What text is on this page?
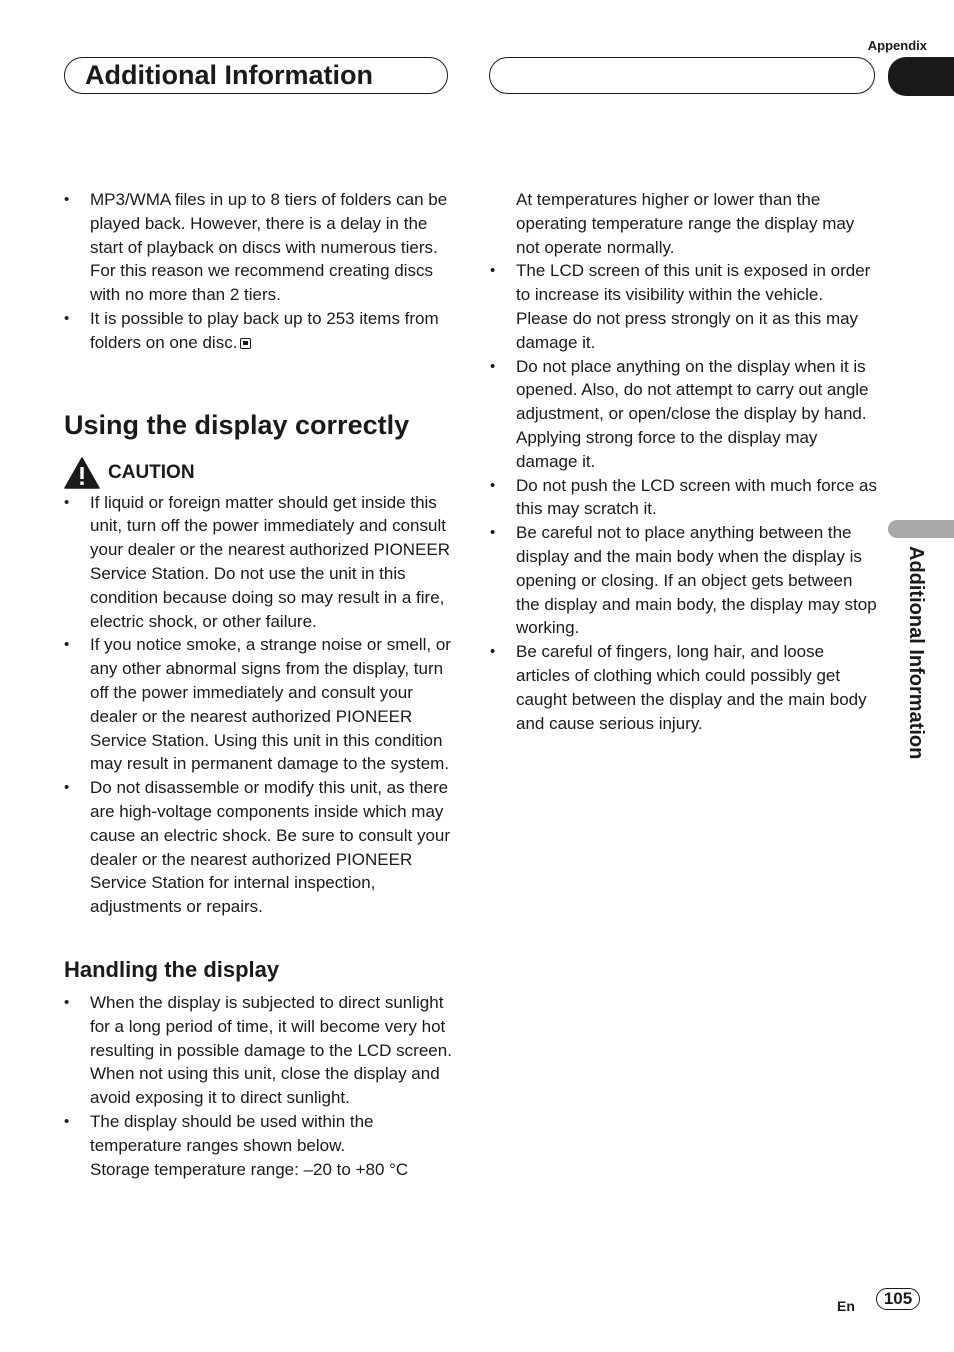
Appendix
Additional Information
Additional Information
• MP3/WMA files in up to 8 tiers of folders can be played back. However, there is a delay in the start of playback on discs with numerous tiers. For this reason we recommend creating discs with no more than 2 tiers.
• It is possible to play back up to 253 items from folders on one disc.
Using the display correctly
CAUTION
• If liquid or foreign matter should get inside this unit, turn off the power immediately and consult your dealer or the nearest authorized PIONEER Service Station. Do not use the unit in this condition because doing so may result in a fire, electric shock, or other failure.
• If you notice smoke, a strange noise or smell, or any other abnormal signs from the display, turn off the power immediately and consult your dealer or the nearest authorized PIONEER Service Station. Using this unit in this condition may result in permanent damage to the system.
• Do not disassemble or modify this unit, as there are high-voltage components inside which may cause an electric shock. Be sure to consult your dealer or the nearest authorized PIONEER Service Station for internal inspection, adjustments or repairs.
Handling the display
• When the display is subjected to direct sunlight for a long period of time, it will become very hot resulting in possible damage to the LCD screen. When not using this unit, close the display and avoid exposing it to direct sunlight.
• The display should be used within the temperature ranges shown below.
Storage temperature range: –20 to +80 °C
At temperatures higher or lower than the operating temperature range the display may not operate normally.
• The LCD screen of this unit is exposed in order to increase its visibility within the vehicle. Please do not press strongly on it as this may damage it.
• Do not place anything on the display when it is opened. Also, do not attempt to carry out angle adjustment, or open/close the display by hand. Applying strong force to the display may damage it.
• Do not push the LCD screen with much force as this may scratch it.
• Be careful not to place anything between the display and the main body when the display is opening or closing. If an object gets between the display and main body, the display may stop working.
• Be careful of fingers, long hair, and loose articles of clothing which could possibly get caught between the display and the main body and cause serious injury.
En	105
